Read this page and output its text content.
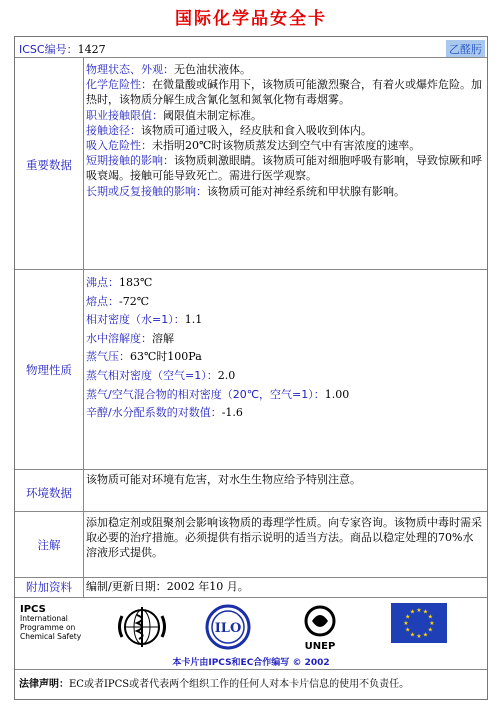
国际化学品安全卡
ICSC编号：1427	乙醛肟
重要数据

物理状态、外观：无色油状液体。

化学危险性：在微量酸或碱作用下，该物质可能激烈聚合，有着火或爆炸危险。加热时，该物质分解生成含氰化氢和氮氧化物有毒烟雾。

职业接触限值：阈限值未制定标准。

接触途径：该物质可通过吸入，经皮肤和食入吸收到体内。

吸入危险性：未指明20℃时该物质蒸发达到空气中有害浓度的速率。

短期接触的影响：该物质刺激眼睛。该物质可能对细胞呼吸有影响，导致惊厥和呼吸衰竭。接触可能导致死亡。需进行医学观察。

长期或反复接触的影响：该物质可能对神经系统和甲状腺有影响。

物理性质

沸点：183℃

熔点：-72℃

相对密度（水=1）：1.1

水中溶解度：溶解

蒸气压：63℃时100Pa

蒸气相对密度（空气=1）：2.0

蒸气/空气混合物的相对密度（20℃，空气=1）：1.00

辛醇/水分配系数的对数值：-1.6

环境数据
该物质可能对环境有危害，对水生生物应给予特别注意。
注解
添加稳定剂或阻聚剂会影响该物质的毒理学性质。向专家咨询。该物质中毒时需采取必要的治疗措施。必须提供有指示说明的适当方法。商品以稳定处理的70%水溶液形式提供。
附加资料	编制/更新日期：2002 年10 月。
IPCS
International
Programme on
Chemical Safety
ILO
UNEP
★ ★
★
★
★
★
★
★
★
★
★
★
本卡片由IPCS和EC合作编写 © 2002
法律声明：EC或者IPCS或者代表两个组织工作的任何人对本卡片信息的使用不负责任。
